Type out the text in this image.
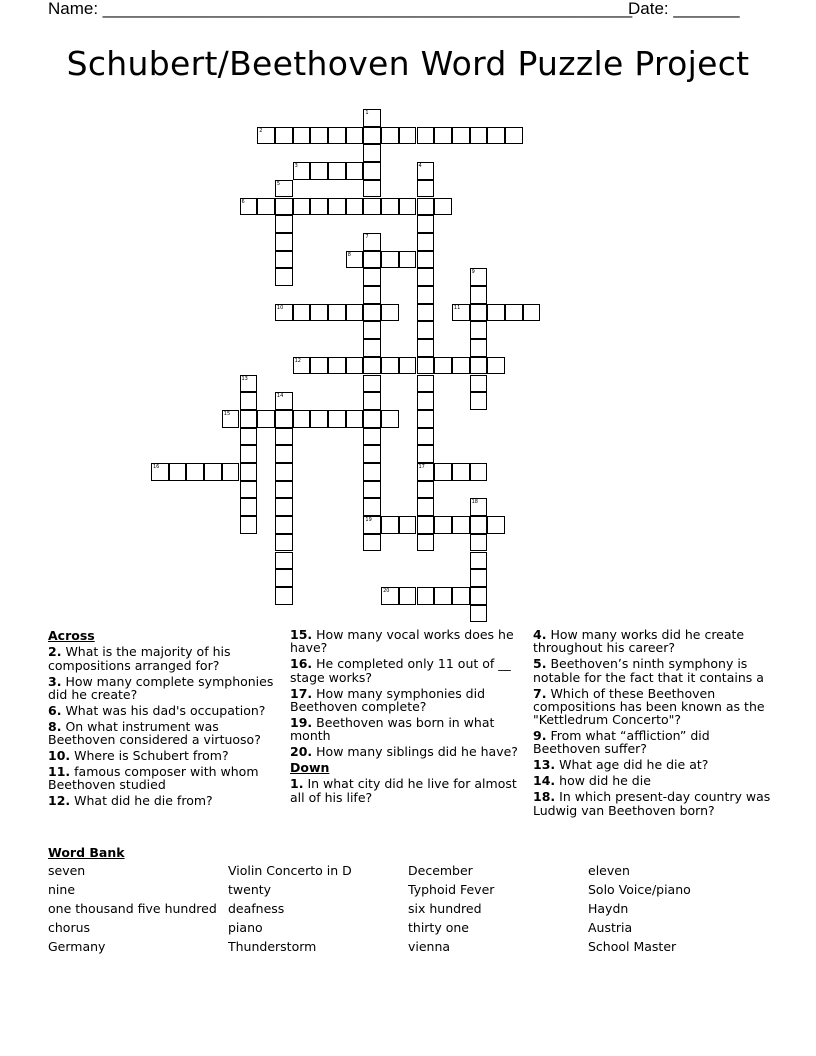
Name: ________________________________________________________
Date: _______
Schubert/Beethoven Word Puzzle Project
1
2
3	4
17
5
6
7
19
8
9
10	11
12
13
14
15
16
18
20
Across
2. What is the majority of his compositions arranged for?
3. How many complete symphonies did he create?
6. What was his dad's occupation?
8. On what instrument was Beethoven considered a virtuoso?
10. Where is Schubert from?
11. famous composer with whom Beethoven studied
12. What did he die from?
15. How many vocal works does he have?
16. He completed only 11 out of __ stage works?
17. How many symphonies did Beethoven complete?
19. Beethoven was born in what month
20. How many siblings did he have?
Down
1. In what city did he live for almost all of his life?
4. How many works did he create throughout his career?
5. Beethoven’s ninth symphony is notable for the fact that it contains a
7. Which of these Beethoven compositions has been known as the "Kettledrum Concerto"?
9. From what “affliction” did Beethoven suffer?
13. What age did he die at?
14. how did he die
18. In which present-day country was Ludwig van Beethoven born?
Word Bank
seven
nine
one thousand five hundred
chorus
Germany
Violin Concerto in D
twenty
deafness
piano
Thunderstorm
December
Typhoid Fever
six hundred
thirty one
vienna
eleven
Solo Voice/piano
Haydn
Austria
School Master
